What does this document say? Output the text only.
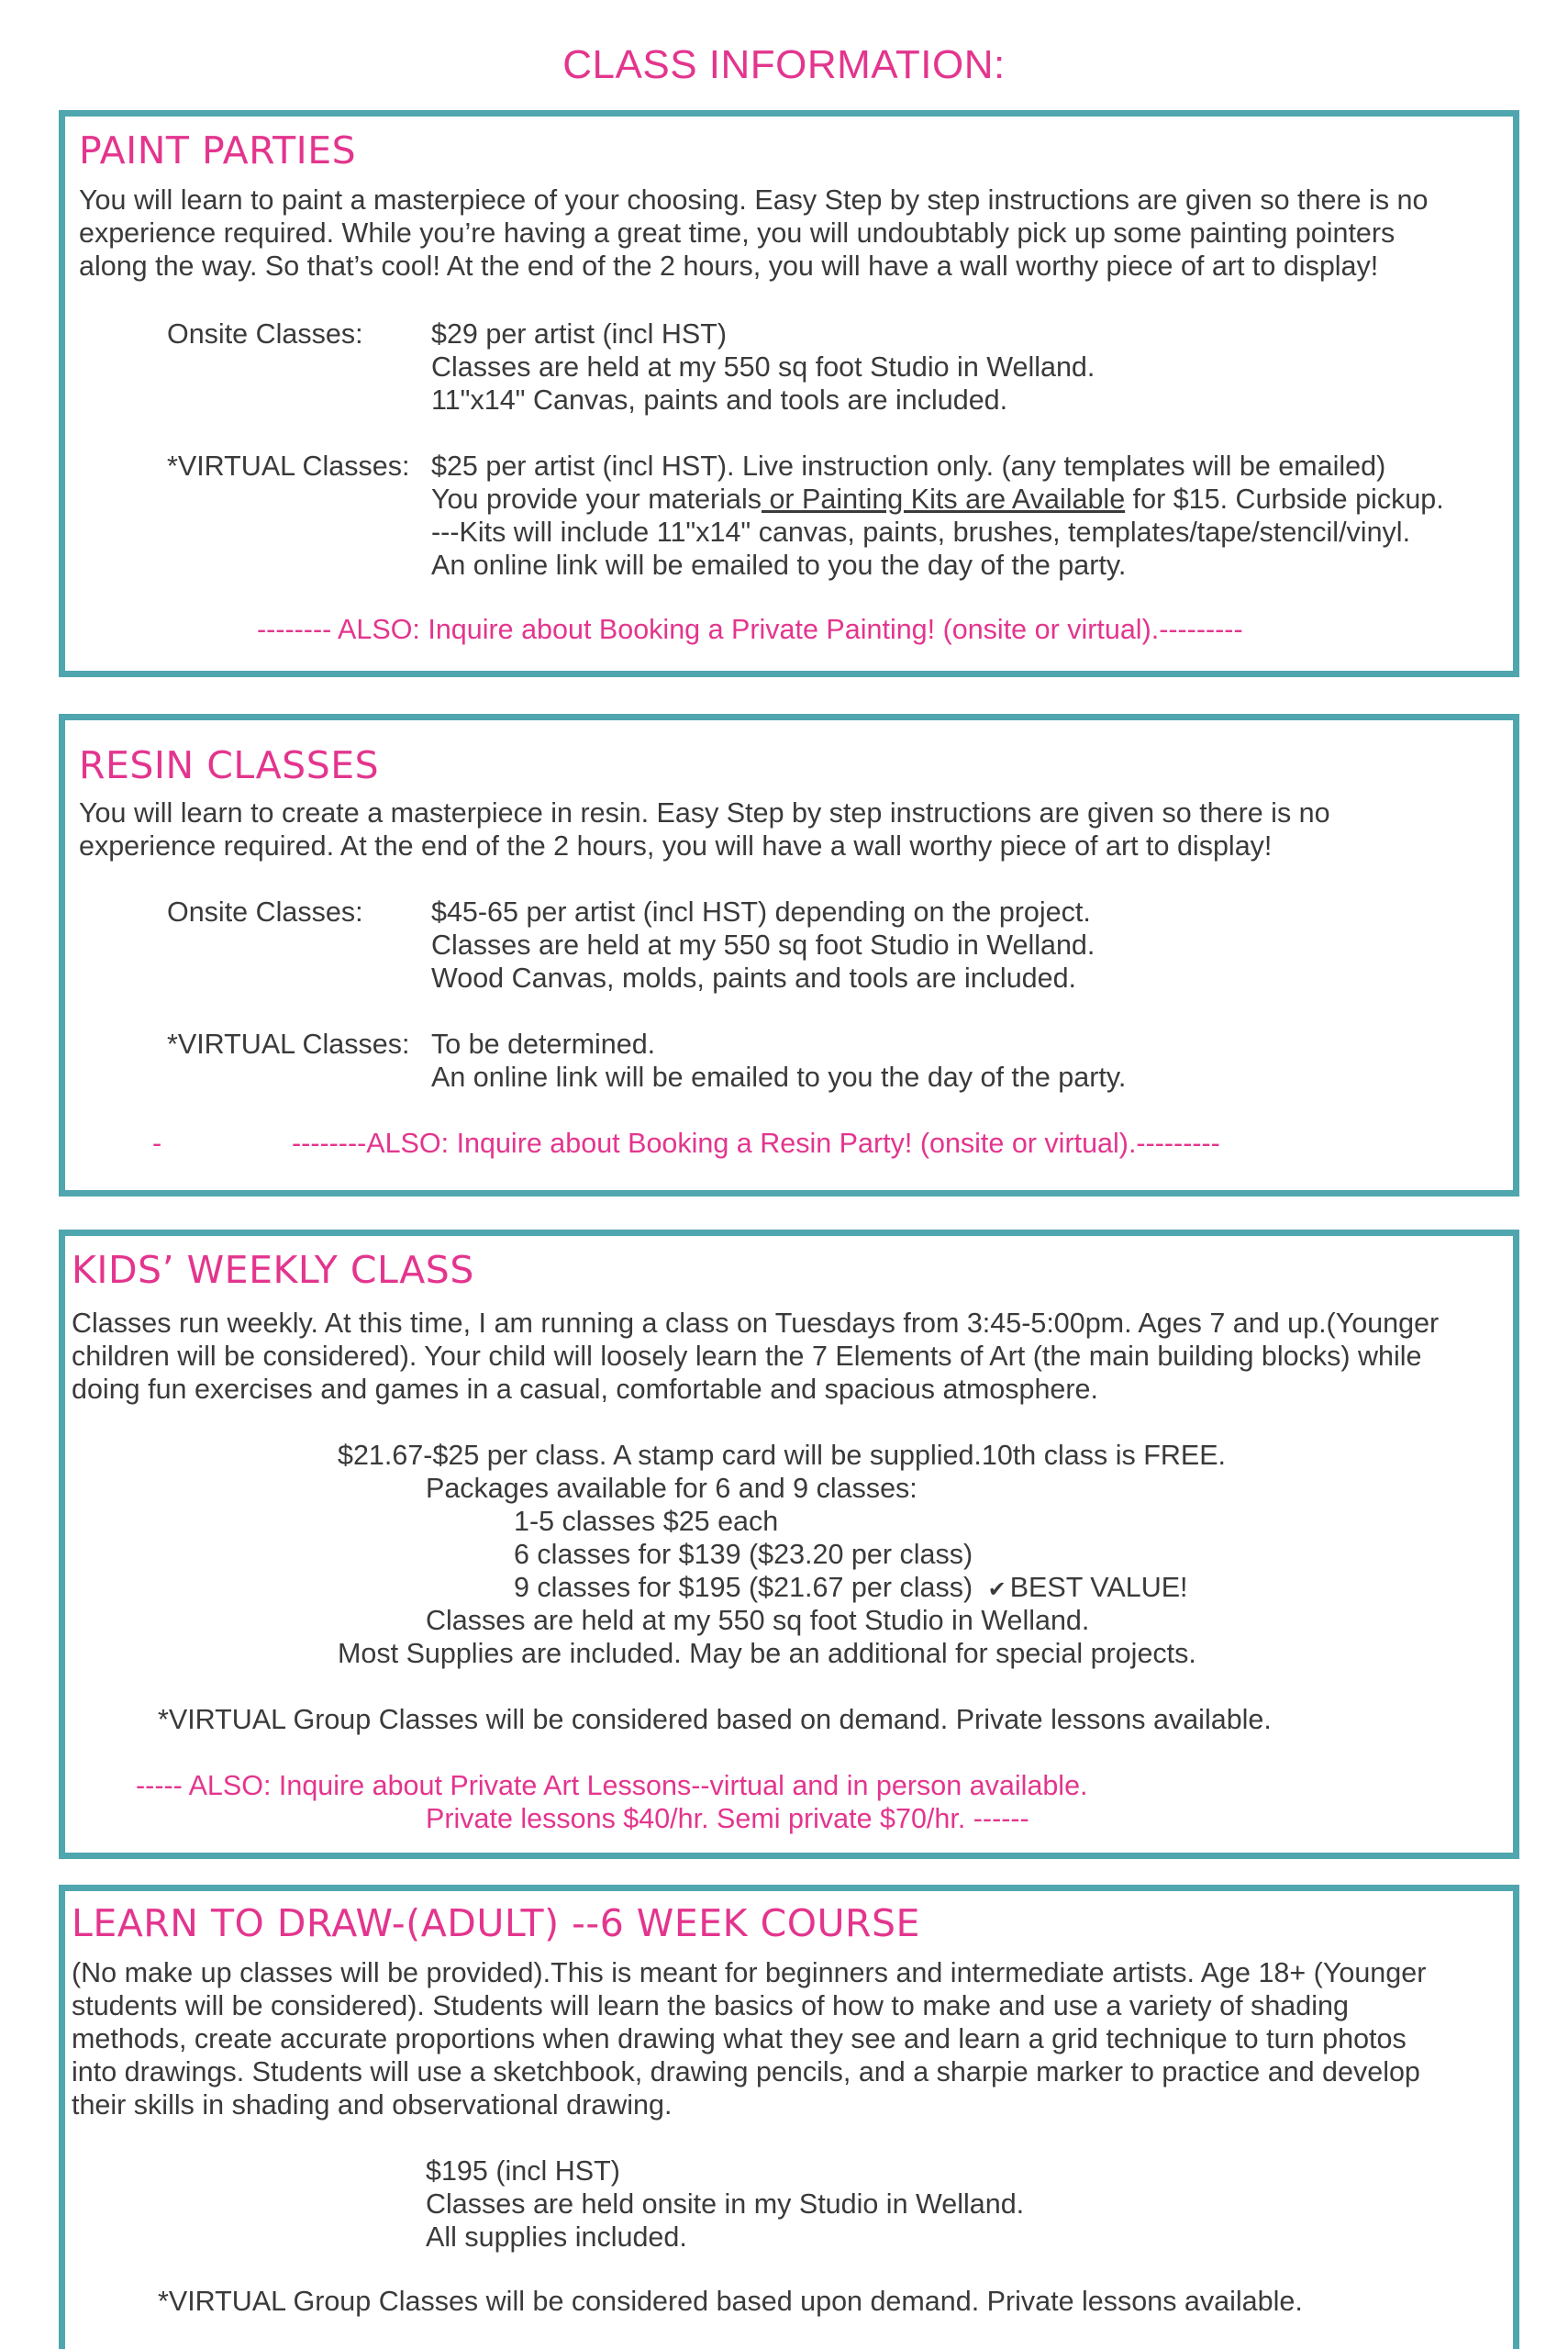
CLASS INFORMATION:
PAINT PARTIES
You will learn to paint a masterpiece of your choosing. Easy Step by step instructions are given so there is no
experience required. While you’re having a great time, you will undoubtably pick up some painting pointers
along the way. So that’s cool! At the end of the 2 hours, you will have a wall worthy piece of art to display!
Onsite Classes: $29 per artist (incl HST)
Classes are held at my 550 sq foot Studio in Welland.
11"x14" Canvas, paints and tools are included.
*VIRTUAL Classes: $25 per artist (incl HST). Live instruction only. (any templates will be emailed)
You provide your materials or Painting Kits are Available for $15. Curbside pickup.
---Kits will include 11"x14" canvas, paints, brushes, templates/tape/stencil/vinyl.
An online link will be emailed to you the day of the party.
-------- ALSO: Inquire about Booking a Private Painting! (onsite or virtual).---------
RESIN CLASSES
You will learn to create a masterpiece in resin. Easy Step by step instructions are given so there is no
experience required. At the end of the 2 hours, you will have a wall worthy piece of art to display!
Onsite Classes: $45-65 per artist (incl HST) depending on the project.
Classes are held at my 550 sq foot Studio in Welland.
Wood Canvas, molds, paints and tools are included.
*VIRTUAL Classes: To be determined.
An online link will be emailed to you the day of the party.
-	--------ALSO: Inquire about Booking a Resin Party! (onsite or virtual).---------
KIDS’ WEEKLY CLASS
Classes run weekly. At this time, I am running a class on Tuesdays from 3:45-5:00pm. Ages 7 and up.(Younger
children will be considered). Your child will loosely learn the 7 Elements of Art (the main building blocks) while
doing fun exercises and games in a casual, comfortable and spacious atmosphere.
$21.67-$25 per class. A stamp card will be supplied.10th class is FREE.
Packages available for 6 and 9 classes:
1-5 classes $25 each
6 classes for $139 ($23.20 per class)
9 classes for $195 ($21.67 per class) ✔ BEST VALUE!
Classes are held at my 550 sq foot Studio in Welland.
Most Supplies are included. May be an additional for special projects.
*VIRTUAL Group Classes will be considered based on demand. Private lessons available.
----- ALSO: Inquire about Private Art Lessons--virtual and in person available.
Private lessons $40/hr. Semi private $70/hr. ------
LEARN TO DRAW-(ADULT) --6 WEEK COURSE
(No make up classes will be provided).This is meant for beginners and intermediate artists. Age 18+ (Younger
students will be considered). Students will learn the basics of how to make and use a variety of shading
methods, create accurate proportions when drawing what they see and learn a grid technique to turn photos
into drawings. Students will use a sketchbook, drawing pencils, and a sharpie marker to practice and develop
their skills in shading and observational drawing.
$195 (incl HST)
Classes are held onsite in my Studio in Welland.
All supplies included.
*VIRTUAL Group Classes will be considered based upon demand. Private lessons available.
